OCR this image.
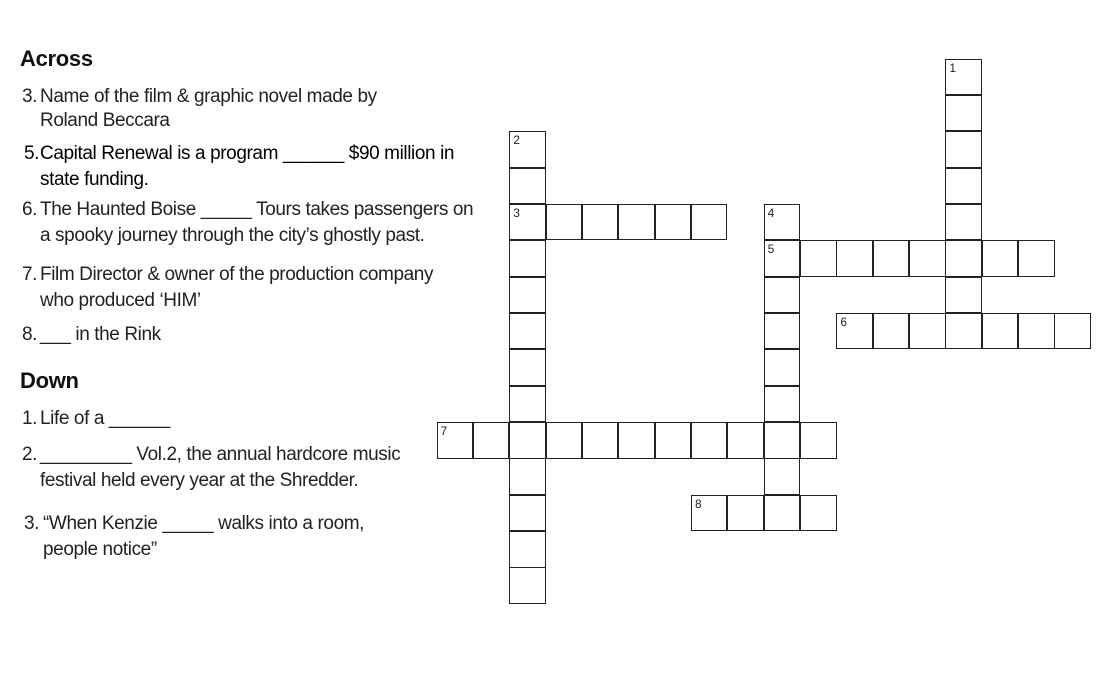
Across
3. Name of the film & graphic novel made by
Roland Beccara
5. Capital Renewal is a program ______ $90 million in
state funding.
6. The Haunted Boise _____ Tours takes passengers on
a spooky journey through the city’s ghostly past.
7. Film Director & owner of the production company
who produced ‘HIM’
8. ___ in the Rink
Down
1. Life of a ______
2. _________ Vol.2, the annual hardcore music
festival held every year at the Shredder.
3. “When Kenzie _____ walks into a room,
people notice”
1
2
3	4
5
6
7
8
